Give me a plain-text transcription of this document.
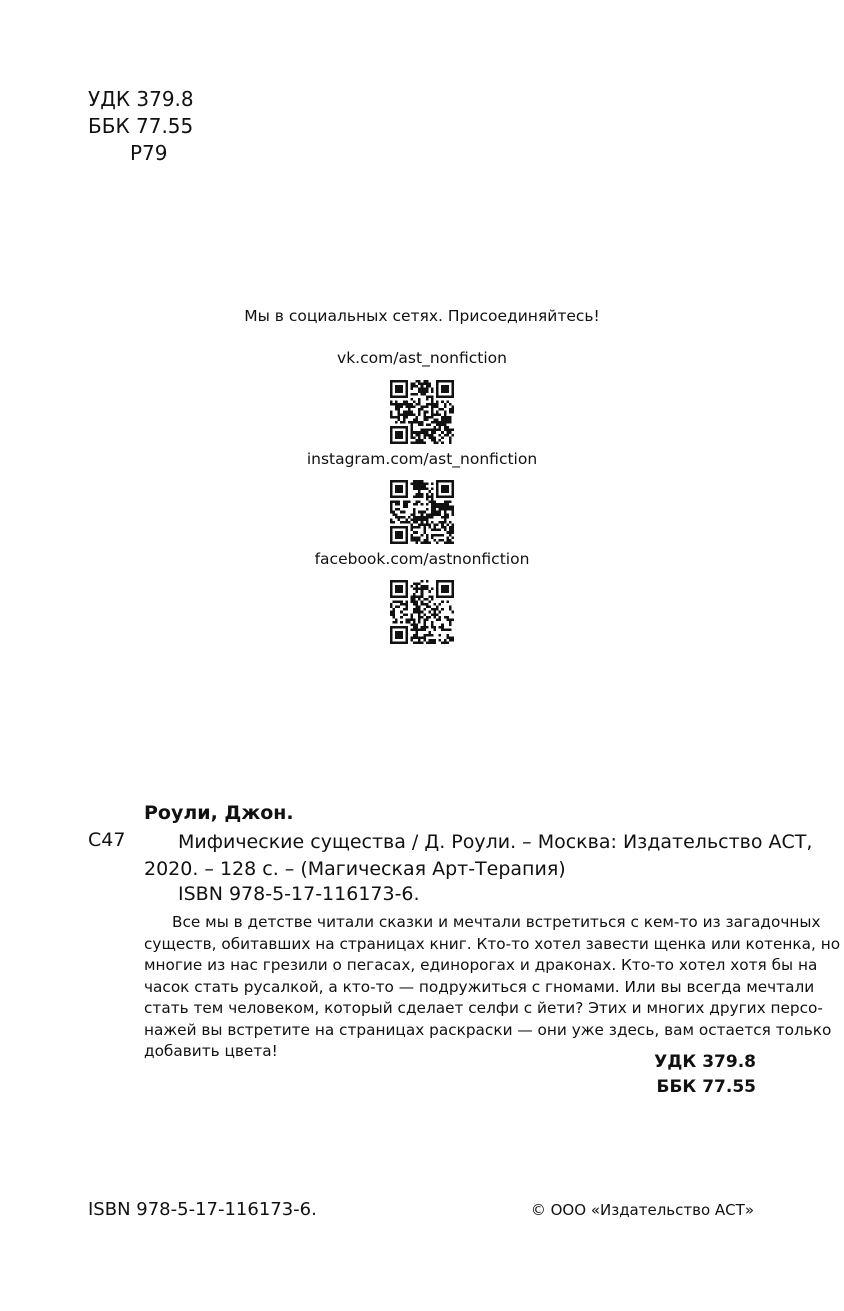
УДК 379.8
ББК 77.55
Р79
Мы в социальных сетях. Присоединяйтесь!
vk.com/ast_nonfiction
instagram.com/ast_nonfiction
facebook.com/astnonfiction
Роули, Джон.
С47	Мифические существа / Д. Роули. – Москва: Издательство АСТ,
2020. – 128 с. – (Магическая Арт-Терапия)
ISBN 978-5-17-116173-6.
Все мы в детстве читали сказки и мечтали встретиться с кем-то из загадочных
существ, обитавших на страницах книг. Кто-то хотел завести щенка или котенка, но
многие из нас грезили о пегасах, единорогах и драконах. Кто-то хотел хотя бы на
часок стать русалкой, а кто-то — подружиться с гномами. Или вы всегда мечтали
стать тем человеком, который сделает селфи с йети? Этих и многих других персо-
нажей вы встретите на страницах раскраски — они уже здесь, вам остается только
добавить цвета!
УДК 379.8
ББК 77.55
ISBN 978-5-17-116173-6.	© ООО «Издательство АСТ»
